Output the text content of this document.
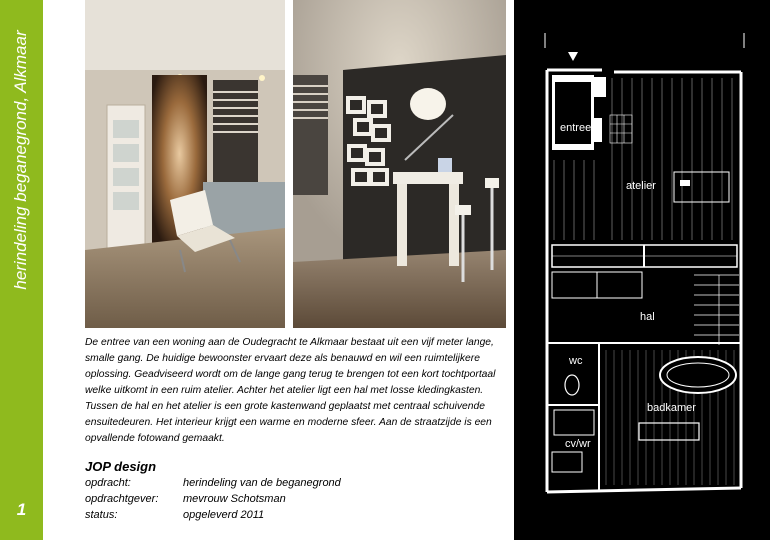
herindeling beganegrond, Alkmaar
1

De entree van een woning aan de Oudegracht te Alkmaar bestaat uit een vijf meter lange, smalle gang. De huidige bewoonster ervaart deze als benauwd en wil een ruimtelijkere oplossing. Geadviseerd wordt om de lange gang terug te brengen tot een kort tochtportaal welke uitkomt in een ruim atelier. Achter het atelier ligt een hal met losse kledingkasten. Tussen de hal en het atelier is een grote kastenwand geplaatst met centraal schuivende ensuitedeuren. Het interieur krijgt een warme en moderne sfeer. Aan de straatzijde is een opvallende fotowand gemaakt.

JOP design
opdracht:	herindeling van de beganegrond
opdrachtgever: mevrouw Schotsman
status:	opgeleverd 2011
entree g
atelier
hal
wc
badkamer
cv/wr
